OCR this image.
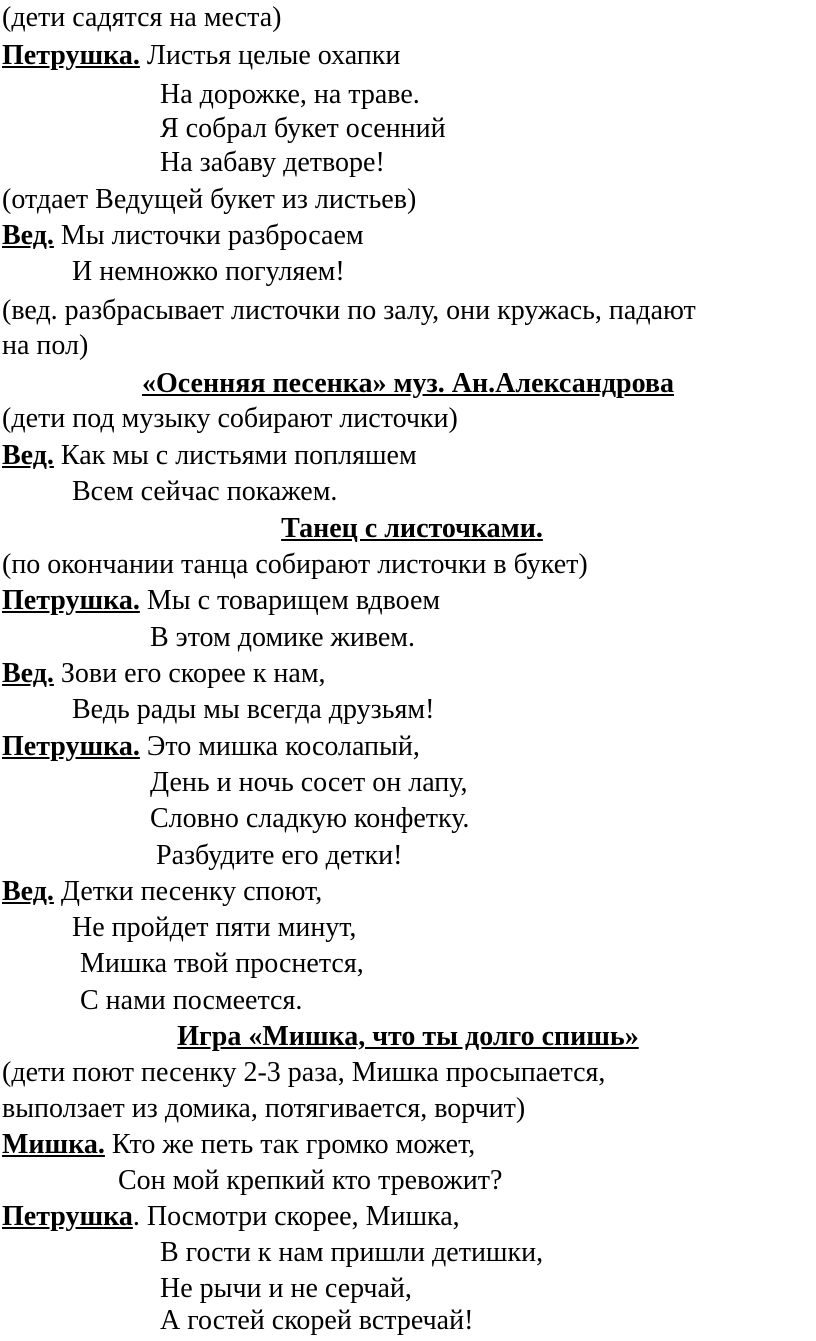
(дети садятся на места)
Петрушка. Листья целые охапки
На дорожке, на траве.
Я собрал букет осенний
На забаву детворе!
(отдает Ведущей букет из листьев)
Вед. Мы листочки разбросаем
И немножко погуляем!
(вед. разбрасывает листочки по залу, они кружась, падают
на пол)
«Осенняя песенка» муз. Ан.Александрова
(дети под музыку собирают листочки)
Вед. Как мы с листьями попляшем
Всем сейчас покажем.
Танец с листочками.
(по окончании танца собирают листочки в букет)
Петрушка. Мы с товарищем вдвоем
В этом домике живем.
Вед. Зови его скорее к нам,
Ведь рады мы всегда друзьям!
Петрушка. Это мишка косолапый,
День и ночь сосет он лапу,
Словно сладкую конфетку.
Разбудите его детки!
Вед. Детки песенку споют,
Не пройдет пяти минут,
Мишка твой проснется,
С нами посмеется.
Игра «Мишка, что ты долго спишь»
(дети поют песенку 2-3 раза, Мишка просыпается,
выползает из домика, потягивается, ворчит)
Мишка. Кто же петь так громко может,
Сон мой крепкий кто тревожит?
Петрушка. Посмотри скорее, Мишка,
В гости к нам пришли детишки,
Не рычи и не серчай,
А гостей скорей встречай!
